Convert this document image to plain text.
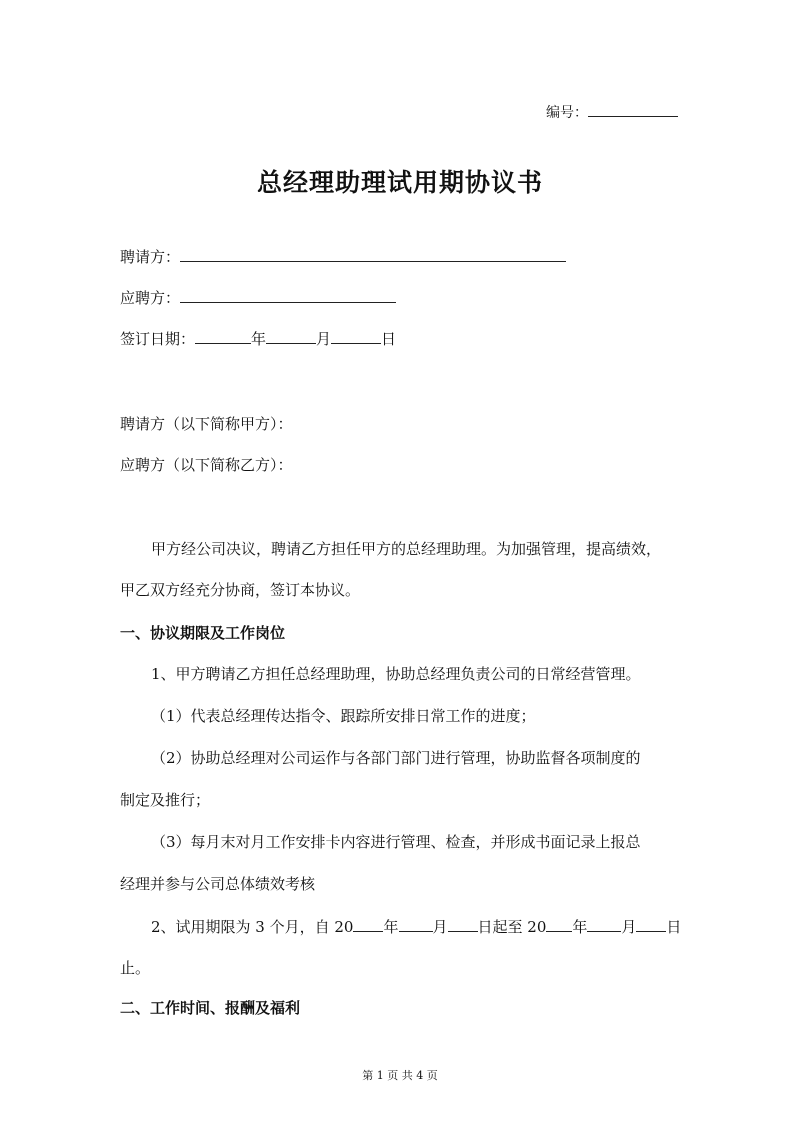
编号：
总经理助理试用期协议书
聘请方：
应聘方：
签订日期：	年	月	日
聘请方（以下简称甲方）：
应聘方（以下简称乙方）：
甲方经公司决议，聘请乙方担任甲方的总经理助理。为加强管理，提高绩效，
甲乙双方经充分协商，签订本协议。
一、协议期限及工作岗位
1、甲方聘请乙方担任总经理助理，协助总经理负责公司的日常经营管理。
（1）代表总经理传达指令、跟踪所安排日常工作的进度；
（2）协助总经理对公司运作与各部门部门进行管理，协助监督各项制度的
制定及推行；
（3）每月末对月工作安排卡内容进行管理、检查，并形成书面记录上报总
经理并参与公司总体绩效考核
2、试用期限为 3 个月，自 20 年 月 日起至 20 年 月 日
止。
二、工作时间、报酬及福利
第 1 页 共 4 页
